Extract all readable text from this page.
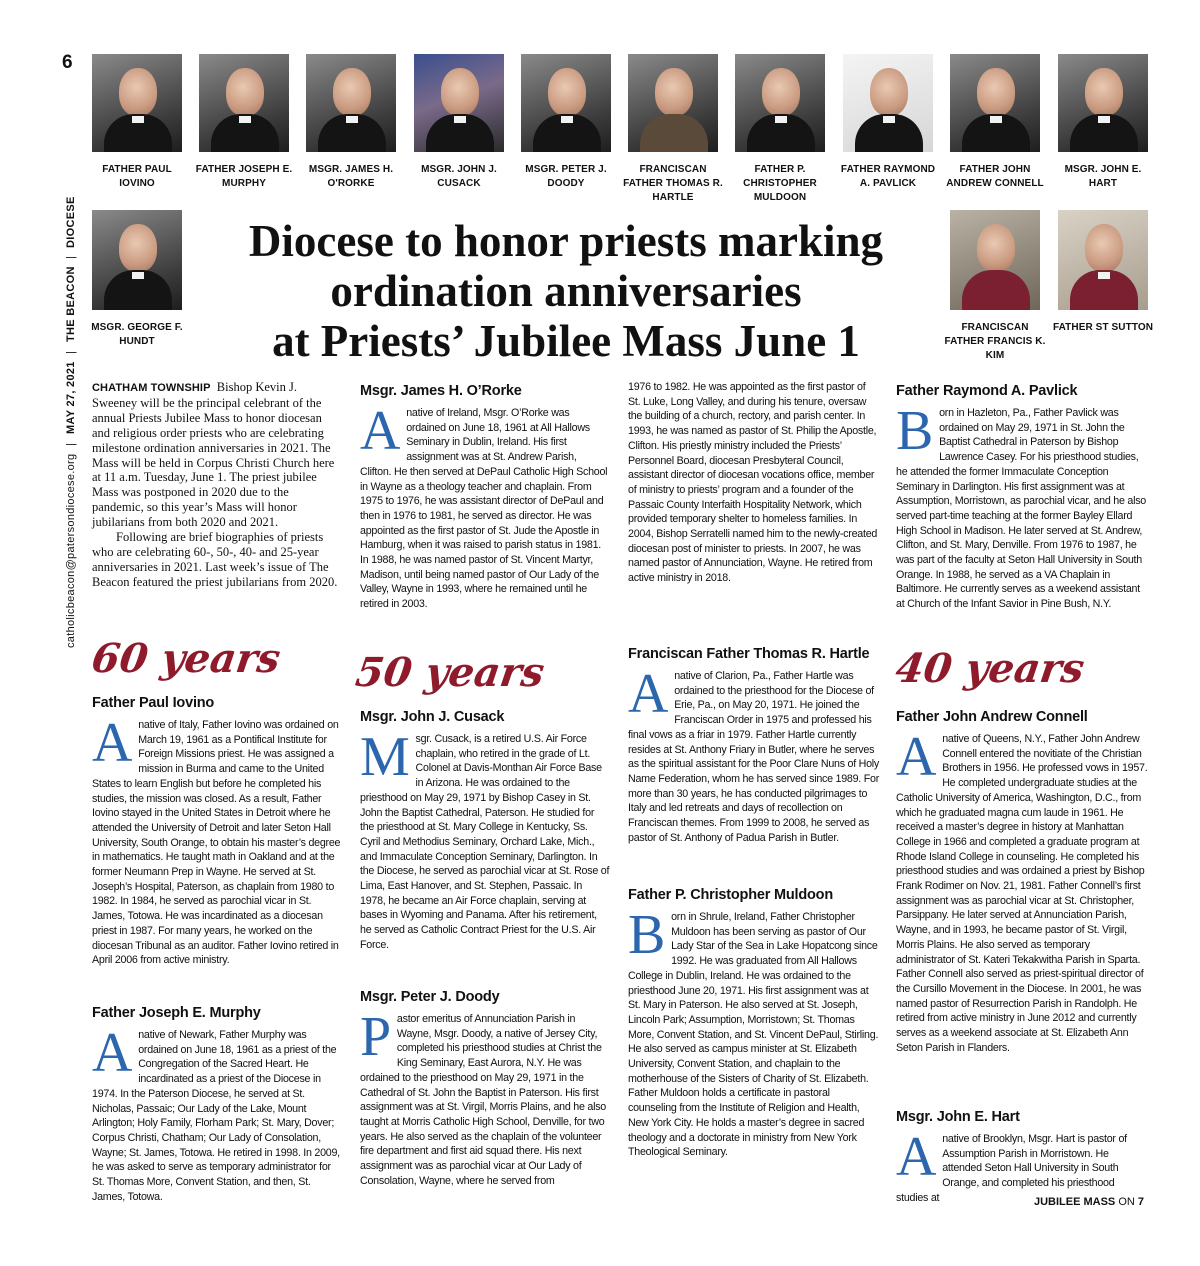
6
catholicbeacon@patersondiocese.org
|
MAY 27, 2021
|
THE BEACON
|
DIOCESE
FATHER PAUL IOVINO
FATHER JOSEPH E. MURPHY
MSGR. JAMES H. O'RORKE
MSGR. JOHN J. CUSACK
MSGR. PETER J. DOODY
FRANCISCAN FATHER THOMAS R. HARTLE
FATHER P. CHRISTOPHER MULDOON
FATHER RAYMOND A. PAVLICK
FATHER JOHN ANDREW CONNELL
MSGR. JOHN E. HART
MSGR. GEORGE F. HUNDT
FRANCISCAN FATHER FRANCIS K. KIM
FATHER ST SUTTON
Diocese to honor priests marking
ordination anniversaries
at Priests’ Jubilee Mass June 1

CHATHAM TOWNSHIP Bishop Kevin J. Sweeney will be the principal celebrant of the annual Priests Jubilee Mass to honor diocesan and religious order priests who are celebrating milestone ordination anniversaries in 2021. The Mass will be held in Corpus Christi Church here at 11 a.m. Tuesday, June 1. The priest jubilee Mass was postponed in 2020 due to the pandemic, so this year’s Mass will honor jubilarians from both 2020 and 2021.

Following are brief biographies of priests who are celebrating 60-, 50-, 40- and 25-year anniversaries in 2021. Last week’s issue of The Beacon featured the priest jubilarians from 2020.

60 years
Father Paul Iovino
Anative of Italy, Father Iovino was ordained on March 19, 1961 as a Pontifical Institute for Foreign Missions priest. He was assigned a mission in Burma and came to the United States to learn English but before he completed his studies, the mission was closed. As a result, Father Iovino stayed in the United States in Detroit where he attended the University of Detroit and later Seton Hall University, South Orange, to obtain his master’s degree in mathematics. He taught math in Oakland and at the former Neumann Prep in Wayne. He served at St. Joseph’s Hospital, Paterson, as chaplain from 1980 to 1982. In 1984, he served as parochial vicar in St. James, Totowa. He was incardinated as a diocesan priest in 1987. For many years, he worked on the diocesan Tribunal as an auditor. Father Iovino retired in April 2006 from active ministry.
Father Joseph E. Murphy
Anative of Newark, Father Murphy was ordained on June 18, 1961 as a priest of the Congregation of the Sacred Heart. He incardinated as a priest of the Diocese in 1974. In the Paterson Diocese, he served at St. Nicholas, Passaic; Our Lady of the Lake, Mount Arlington; Holy Family, Florham Park; St. Mary, Dover; Corpus Christi, Chatham; Our Lady of Consolation, Wayne; St. James, Totowa. He retired in 1998. In 2009, he was asked to serve as temporary administrator for St. Thomas More, Convent Station, and then, St. James, Totowa.
Msgr. James H. O’Rorke
Anative of Ireland, Msgr. O’Rorke was ordained on June 18, 1961 at All Hallows Seminary in Dublin, Ireland. His first assignment was at St. Andrew Parish, Clifton. He then served at DePaul Catholic High School in Wayne as a theology teacher and chaplain. From 1975 to 1976, he was assistant director of DePaul and then in 1976 to 1981, he served as director. He was appointed as the first pastor of St. Jude the Apostle in Hamburg, when it was raised to parish status in 1981. In 1988, he was named pastor of St. Vincent Martyr, Madison, until being named pastor of Our Lady of the Valley, Wayne in 1993, where he remained until he retired in 2003.
50 years
Msgr. John J. Cusack
Msgr. Cusack, is a retired U.S. Air Force chaplain, who retired in the grade of Lt. Colonel at Davis-Monthan Air Force Base in Arizona. He was ordained to the priesthood on May 29, 1971 by Bishop Casey in St. John the Baptist Cathedral, Paterson. He studied for the priesthood at St. Mary College in Kentucky, Ss. Cyril and Methodius Seminary, Orchard Lake, Mich., and Immaculate Conception Seminary, Darlington. In the Diocese, he served as parochial vicar at St. Rose of Lima, East Hanover, and St. Stephen, Passaic. In 1978, he became an Air Force chaplain, serving at bases in Wyoming and Panama. After his retirement, he served as Catholic Contract Priest for the U.S. Air Force.
Msgr. Peter J. Doody
Pastor emeritus of Annunciation Parish in Wayne, Msgr. Doody, a native of Jersey City, completed his priesthood studies at Christ the King Seminary, East Aurora, N.Y. He was ordained to the priesthood on May 29, 1971 in the Cathedral of St. John the Baptist in Paterson. His first assignment was at St. Virgil, Morris Plains, and he also taught at Morris Catholic High School, Denville, for two years. He also served as the chaplain of the volunteer fire department and first aid squad there. His next assignment was as parochial vicar at Our Lady of Consolation, Wayne, where he served from
1976 to 1982. He was appointed as the first pastor of St. Luke, Long Valley, and during his tenure, oversaw the building of a church, rectory, and parish center. In 1993, he was named as pastor of St. Philip the Apostle, Clifton. His priestly ministry included the Priests’ Personnel Board, diocesan Presbyteral Council, assistant director of diocesan vocations office, member of ministry to priests’ program and a founder of the Passaic County Interfaith Hospitality Network, which provided temporary shelter to homeless families. In 2004, Bishop Serratelli named him to the newly-created diocesan post of minister to priests. In 2007, he was named pastor of Annunciation, Wayne. He retired from active ministry in 2018.
Franciscan Father Thomas R. Hartle
Anative of Clarion, Pa., Father Hartle was ordained to the priesthood for the Diocese of Erie, Pa., on May 20, 1971. He joined the Franciscan Order in 1975 and professed his final vows as a friar in 1979. Father Hartle currently resides at St. Anthony Friary in Butler, where he serves as the spiritual assistant for the Poor Clare Nuns of Holy Name Federation, whom he has served since 1989. For more than 30 years, he has conducted pilgrimages to Italy and led retreats and days of recollection on Franciscan themes. From 1999 to 2008, he served as pastor of St. Anthony of Padua Parish in Butler.
Father P. Christopher Muldoon
Born in Shrule, Ireland, Father Christopher Muldoon has been serving as pastor of Our Lady Star of the Sea in Lake Hopatcong since 1992. He was graduated from All Hallows College in Dublin, Ireland. He was ordained to the priesthood June 20, 1971. His first assignment was at St. Mary in Paterson. He also served at St. Joseph, Lincoln Park; Assumption, Morristown; St. Thomas More, Convent Station, and St. Vincent DePaul, Stirling. He also served as campus minister at St. Elizabeth University, Convent Station, and chaplain to the motherhouse of the Sisters of Charity of St. Elizabeth. Father Muldoon holds a certificate in pastoral counseling from the Institute of Religion and Health, New York City. He holds a master’s degree in sacred theology and a doctorate in ministry from New York Theological Seminary.
Father Raymond A. Pavlick
Born in Hazleton, Pa., Father Pavlick was ordained on May 29, 1971 in St. John the Baptist Cathedral in Paterson by Bishop Lawrence Casey. For his priesthood studies, he attended the former Immaculate Conception Seminary in Darlington. His first assignment was at Assumption, Morristown, as parochial vicar, and he also served part-time teaching at the former Bayley Ellard High School in Madison. He later served at St. Andrew, Clifton, and St. Mary, Denville. From 1976 to 1987, he was part of the faculty at Seton Hall University in South Orange. In 1988, he served as a VA Chaplain in Baltimore. He currently serves as a weekend assistant at Church of the Infant Savior in Pine Bush, N.Y.
40 years
Father John Andrew Connell
Anative of Queens, N.Y., Father John Andrew Connell entered the novitiate of the Christian Brothers in 1956. He professed vows in 1957. He completed undergraduate studies at the Catholic University of America, Washington, D.C., from which he graduated magna cum laude in 1961. He received a master’s degree in history at Manhattan College in 1966 and completed a graduate program at Rhode Island College in counseling. He completed his priesthood studies and was ordained a priest by Bishop Frank Rodimer on Nov. 21, 1981. Father Connell’s first assignment was as parochial vicar at St. Christopher, Parsippany. He later served at Annunciation Parish, Wayne, and in 1993, he became pastor of St. Virgil, Morris Plains. He also served as temporary administrator of St. Kateri Tekakwitha Parish in Sparta. Father Connell also served as priest-spiritual director of the Cursillo Movement in the Diocese. In 2001, he was named pastor of Resurrection Parish in Randolph. He retired from active ministry in June 2012 and currently serves as a weekend associate at St. Elizabeth Ann Seton Parish in Flanders.
Msgr. John E. Hart
Anative of Brooklyn, Msgr. Hart is pastor of Assumption Parish in Morristown. He attended Seton Hall University in South Orange, and completed his priesthood studies at	JUBILEE MASS ON 7
